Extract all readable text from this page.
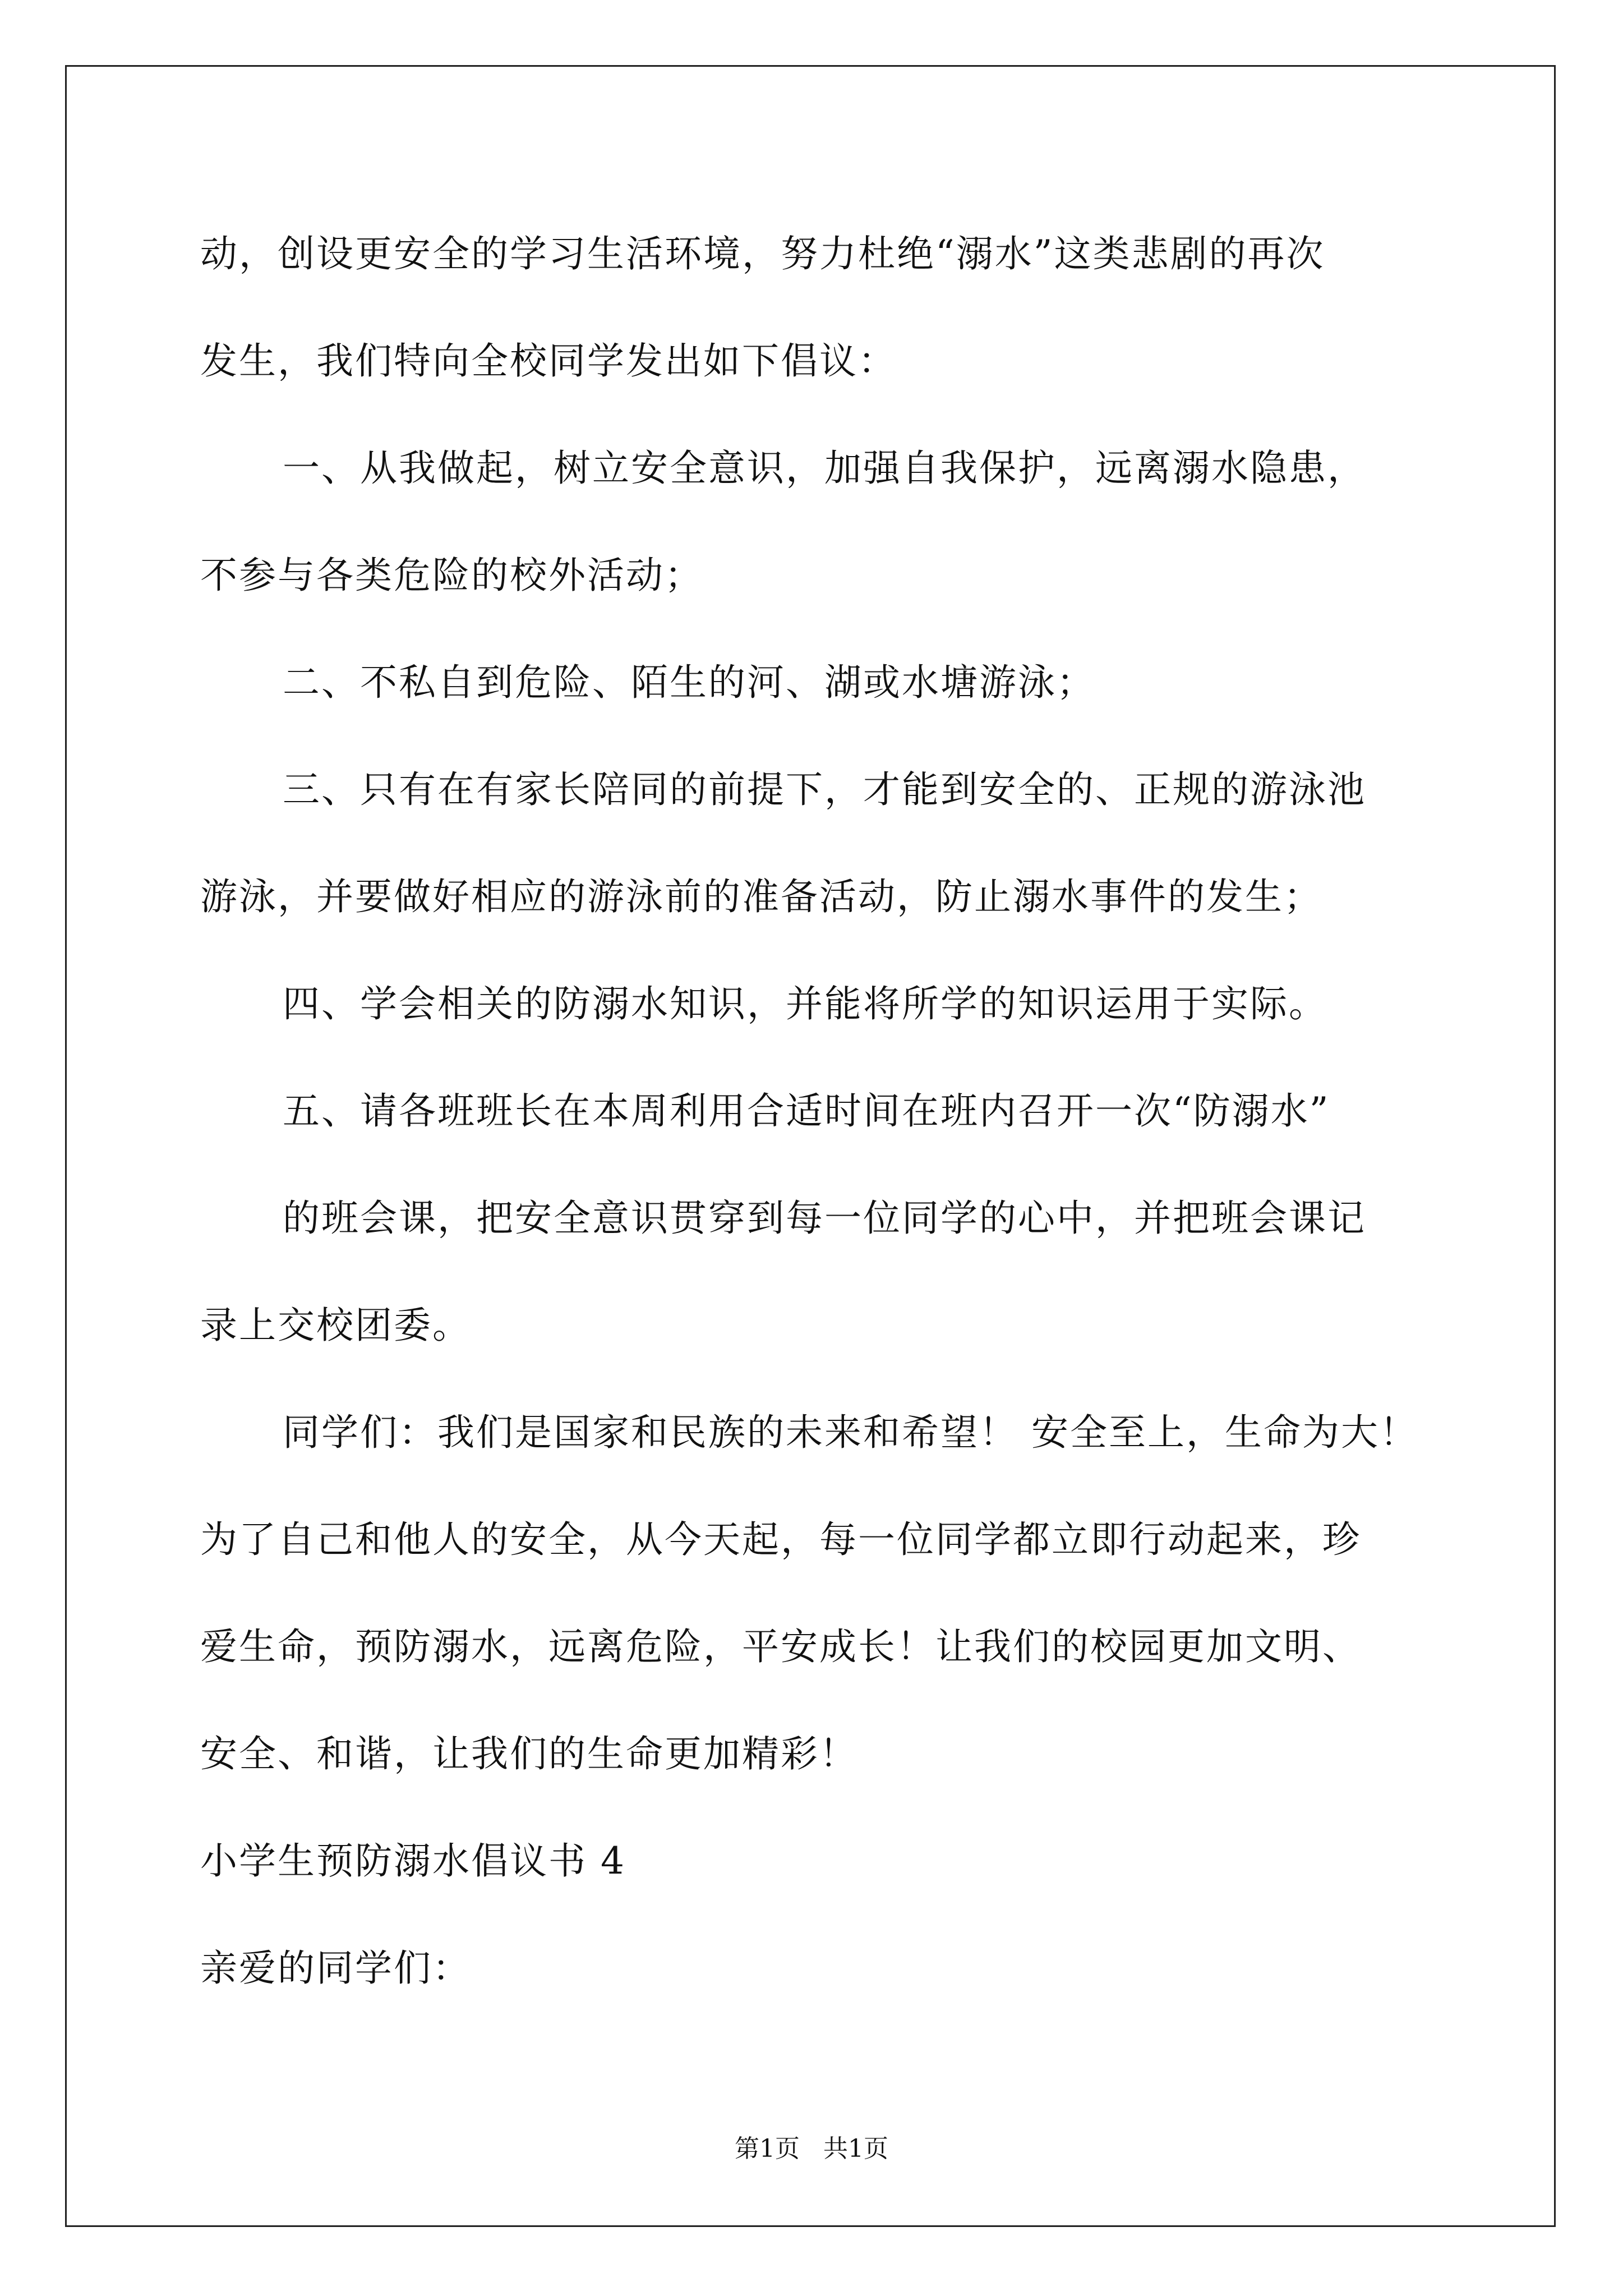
动，创设更安全的学习生活环境，努力杜绝“溺水”这类悲剧的再次
发生，我们特向全校同学发出如下倡议：
一、从我做起，树立安全意识，加强自我保护，远离溺水隐患，
不参与各类危险的校外活动；
二、不私自到危险、陌生的河、湖或水塘游泳；
三、只有在有家长陪同的前提下，才能到安全的、正规的游泳池
游泳，并要做好相应的游泳前的准备活动，防止溺水事件的发生；
四、学会相关的防溺水知识，并能将所学的知识运用于实际。
五、请各班班长在本周利用合适时间在班内召开一次“防溺水”
的班会课，把安全意识贯穿到每一位同学的心中，并把班会课记
录上交校团委。
同学们：我们是国家和民族的未来和希望！ 安全至上，生命为大！
为了自己和他人的安全，从今天起，每一位同学都立即行动起来，珍
爱生命，预防溺水，远离危险，平安成长！让我们的校园更加文明、
安全、和谐，让我们的生命更加精彩！
小学生预防溺水倡议书 4
亲爱的同学们：
第1页   共1页
